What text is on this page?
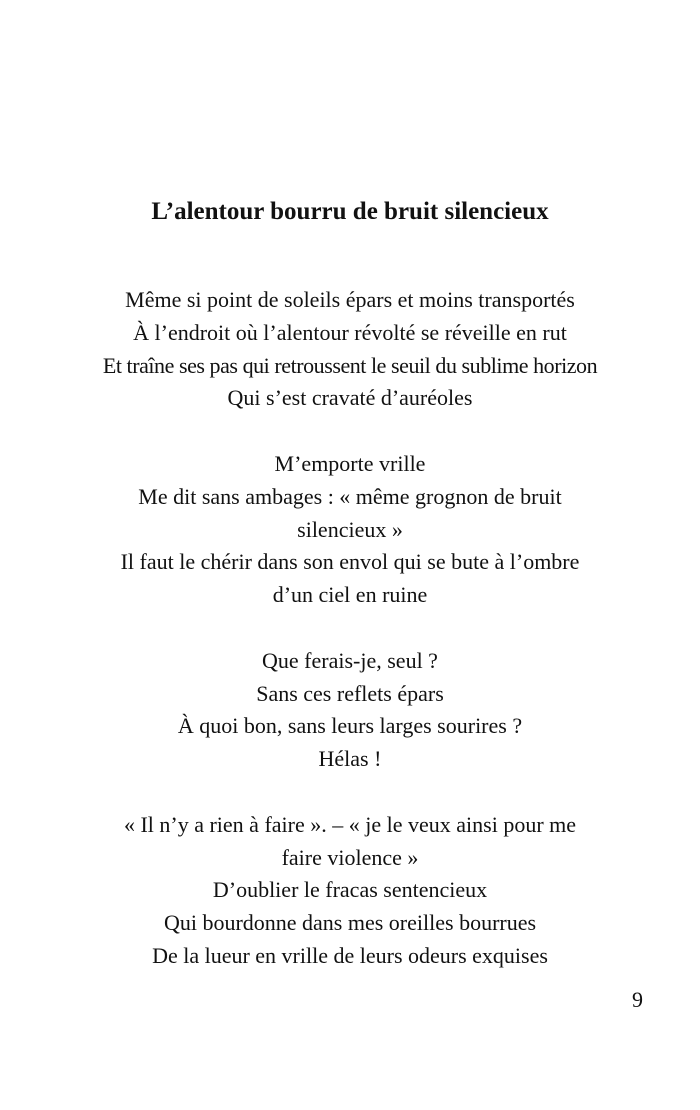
L’alentour bourru de bruit silencieux
Même si point de soleils épars et moins transportés
À l’endroit où l’alentour révolté se réveille en rut
Et traîne ses pas qui retroussent le seuil du sublime horizon
Qui s’est cravaté d’auréoles
M’emporte vrille
Me dit sans ambages : « même grognon de bruit
silencieux »
Il faut le chérir dans son envol qui se bute à l’ombre
d’un ciel en ruine
Que ferais-je, seul ?
Sans ces reflets épars
À quoi bon, sans leurs larges sourires ?
Hélas !
« Il n’y a rien à faire ». – « je le veux ainsi pour me
faire violence »
D’oublier le fracas sentencieux
Qui bourdonne dans mes oreilles bourrues
De la lueur en vrille de leurs odeurs exquises
9
